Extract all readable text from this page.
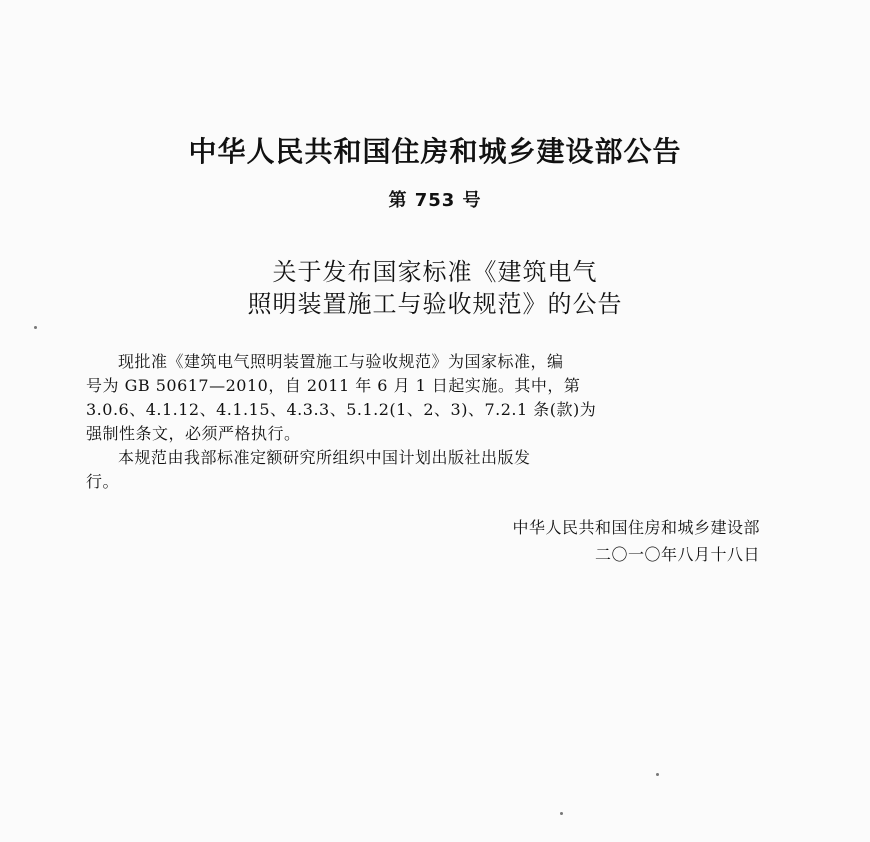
中华人民共和国住房和城乡建设部公告
第 753 号
关于发布国家标准《建筑电气
照明装置施工与验收规范》的公告
现批准《建筑电气照明装置施工与验收规范》为国家标准，编
号为 GB 50617—2010，自 2011 年 6 月 1 日起实施。其中，第
3.0.6、4.1.12、4.1.15、4.3.3、5.1.2(1、2、3)、7.2.1 条(款)为
强制性条文，必须严格执行。
本规范由我部标准定额研究所组织中国计划出版社出版发
行。
中华人民共和国住房和城乡建设部
二〇一〇年八月十八日
